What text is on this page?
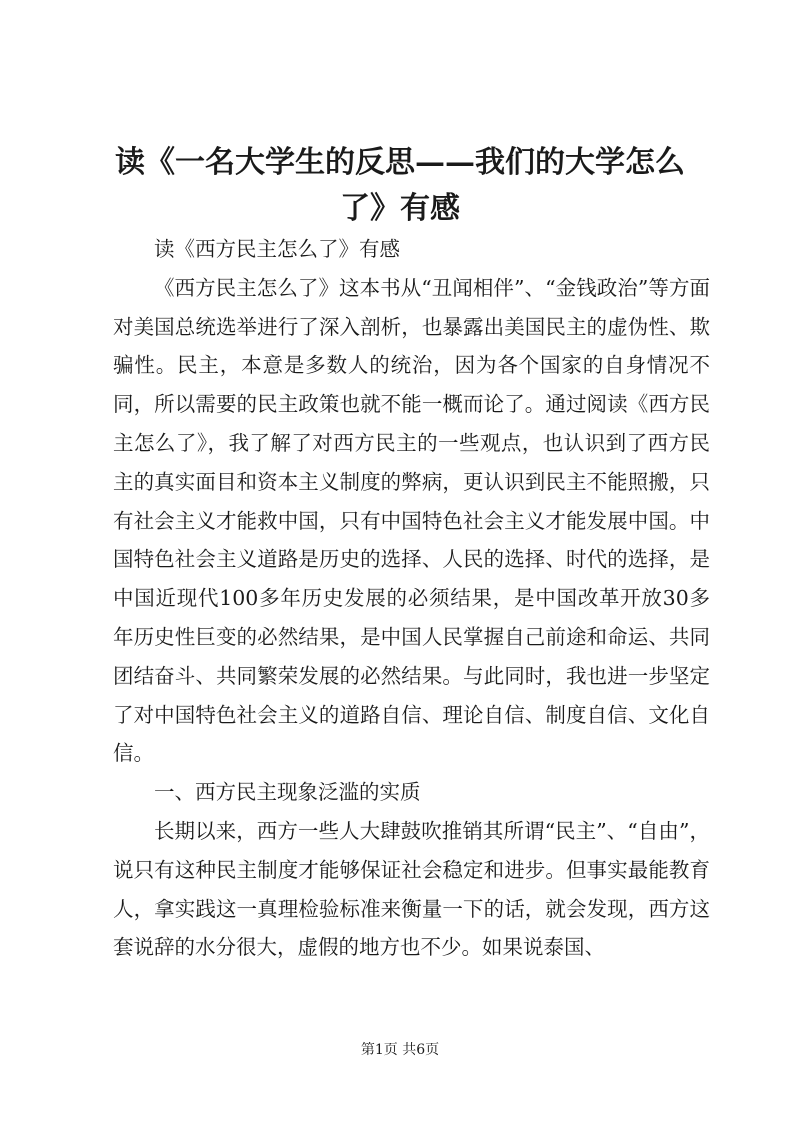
读《一名大学生的反思——我们的大学怎么了》有感

读《西方民主怎么了》有感

《西方民主怎么了》这本书从“丑闻相伴”、“金钱政治”等方面对美国总统选举进行了深入剖析，也暴露出美国民主的虚伪性、欺骗性。民主，本意是多数人的统治，因为各个国家的自身情况不同，所以需要的民主政策也就不能一概而论了。通过阅读《西方民主怎么了》，我了解了对西方民主的一些观点，也认识到了西方民主的真实面目和资本主义制度的弊病，更认识到民主不能照搬，只有社会主义才能救中国，只有中国特色社会主义才能发展中国。中国特色社会主义道路是历史的选择、人民的选择、时代的选择，是中国近现代100多年历史发展的必须结果，是中国改革开放30多年历史性巨变的必然结果，是中国人民掌握自己前途和命运、共同团结奋斗、共同繁荣发展的必然结果。与此同时，我也进一步坚定了对中国特色社会主义的道路自信、理论自信、制度自信、文化自信。

一、西方民主现象泛滥的实质

长期以来，西方一些人大肆鼓吹推销其所谓“民主”、“自由”，说只有这种民主制度才能够保证社会稳定和进步。但事实最能教育人，拿实践这一真理检验标准来衡量一下的话，就会发现，西方这套说辞的水分很大，虚假的地方也不少。如果说泰国、

第1页 共6页
